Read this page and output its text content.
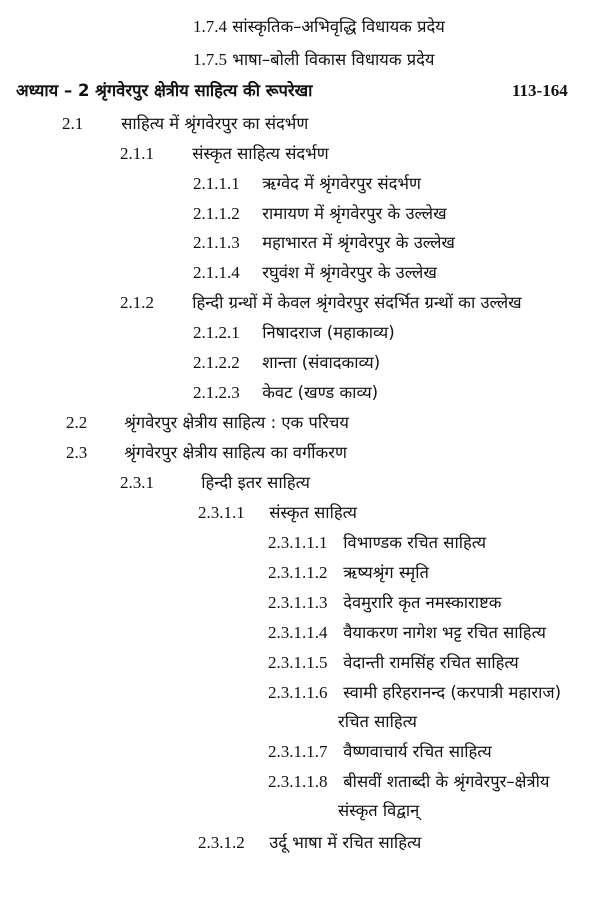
1.7.4 सांस्कृतिक–अभिवृद्धि विधायक प्रदेय
1.7.5 भाषा–बोली विकास विधायक प्रदेय
अध्याय – 2 श्रृंगवेरपुर क्षेत्रीय साहित्य की रूपरेखा	113-164
2.1 साहित्य में श्रृंगवेरपुर का संदर्भण
2.1.1 संस्कृत साहित्य संदर्भण
2.1.1.1 ऋग्वेद में श्रृंगवेरपुर संदर्भण
2.1.1.2 रामायण में श्रृंगवेरपुर के उल्लेख
2.1.1.3 महाभारत में श्रृंगवेरपुर के उल्लेख
2.1.1.4 रघुवंश में श्रृंगवेरपुर के उल्लेख
2.1.2 हिन्दी ग्रन्थों में केवल श्रृंगवेरपुर संदर्भित ग्रन्थों का उल्लेख
2.1.2.1 निषादराज (महाकाव्य)
2.1.2.2 शान्ता (संवादकाव्य)
2.1.2.3 केवट (खण्ड काव्य)
2.2 श्रृंगवेरपुर क्षेत्रीय साहित्य : एक परिचय
2.3 श्रृंगवेरपुर क्षेत्रीय साहित्य का वर्गीकरण
2.3.1	हिन्दी इतर साहित्य
2.3.1.1 संस्कृत साहित्य
2.3.1.1.1 विभाण्डक रचित साहित्य
2.3.1.1.2 ऋष्यश्रृंग स्मृति
2.3.1.1.3 देवमुरारि कृत नमस्काराष्टक
2.3.1.1.4 वैयाकरण नागेश भट्ट रचित साहित्य
2.3.1.1.5 वेदान्ती रामसिंह रचित साहित्य
2.3.1.1.6 स्वामी हरिहरानन्द (करपात्री महाराज)
रचित साहित्य
2.3.1.1.7 वैष्णवाचार्य रचित साहित्य
2.3.1.1.8 बीसवीं शताब्दी के श्रृंगवेरपुर–क्षेत्रीय
संस्कृत विद्वान्
2.3.1.2 उर्दू भाषा में रचित साहित्य
